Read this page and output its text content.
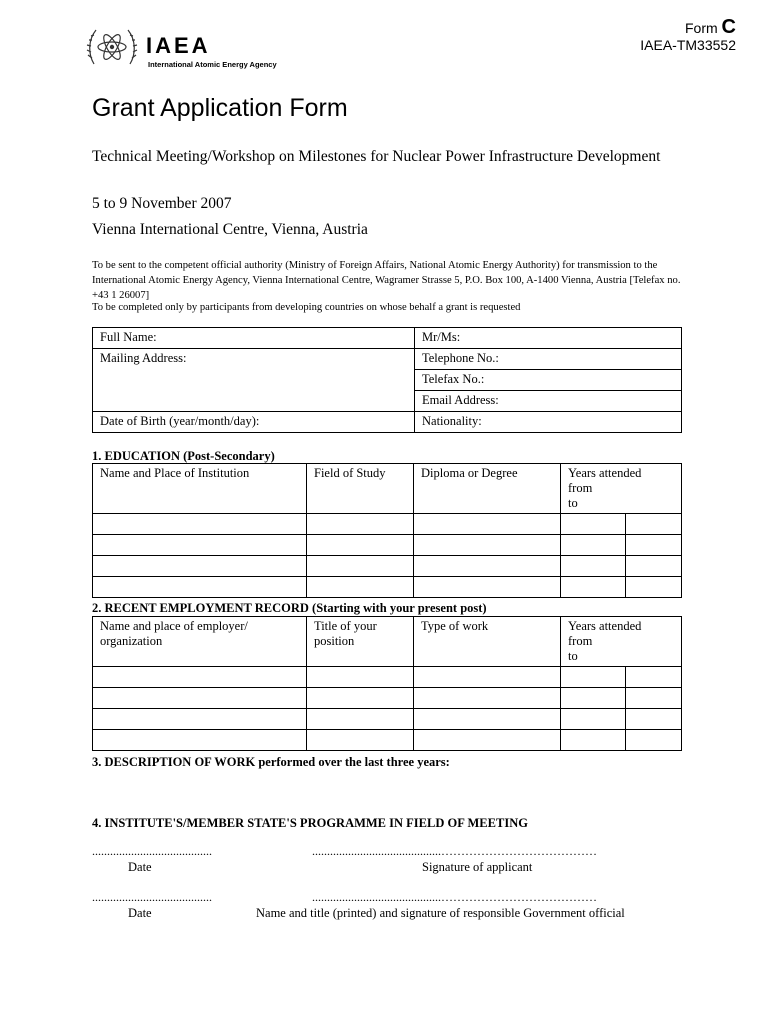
IAEA
International Atomic Energy Agency
Form C
IAEA-TM33552
Grant Application Form
Technical Meeting/Workshop on Milestones for Nuclear Power Infrastructure Development
5 to 9 November 2007
Vienna International Centre, Vienna, Austria
To be sent to the competent official authority (Ministry of Foreign Affairs, National Atomic Energy Authority) for transmission to the International Atomic Energy Agency, Vienna International Centre, Wagramer Strasse 5, P.O. Box 100, A-1400 Vienna, Austria [Telefax no. +43 1 26007]
To be completed only by participants from developing countries on whose behalf a grant is requested
Full Name:	Mr/Ms:
Mailing Address:	Telephone No.:
	Telefax No.:
	Email Address:
Date of Birth (year/month/day):	Nationality:
1. EDUCATION (Post-Secondary)
Name and Place of Institution	Field of Study	Diploma or Degree	Years attended
fromto	

2. RECENT EMPLOYMENT RECORD (Starting with your present post)
Name and place of employer/ organization	Title of your position	Type of work	Years attended
fromto	

3. DESCRIPTION OF WORK performed over the last three years:
4. INSTITUTE'S/MEMBER STATE'S PROGRAMME IN FIELD OF MEETING
........................................	...........................................…………………………………
Date	Signature of applicant
........................................	...........................................…………………………………
Date	Name and title (printed) and signature of responsible Government official
